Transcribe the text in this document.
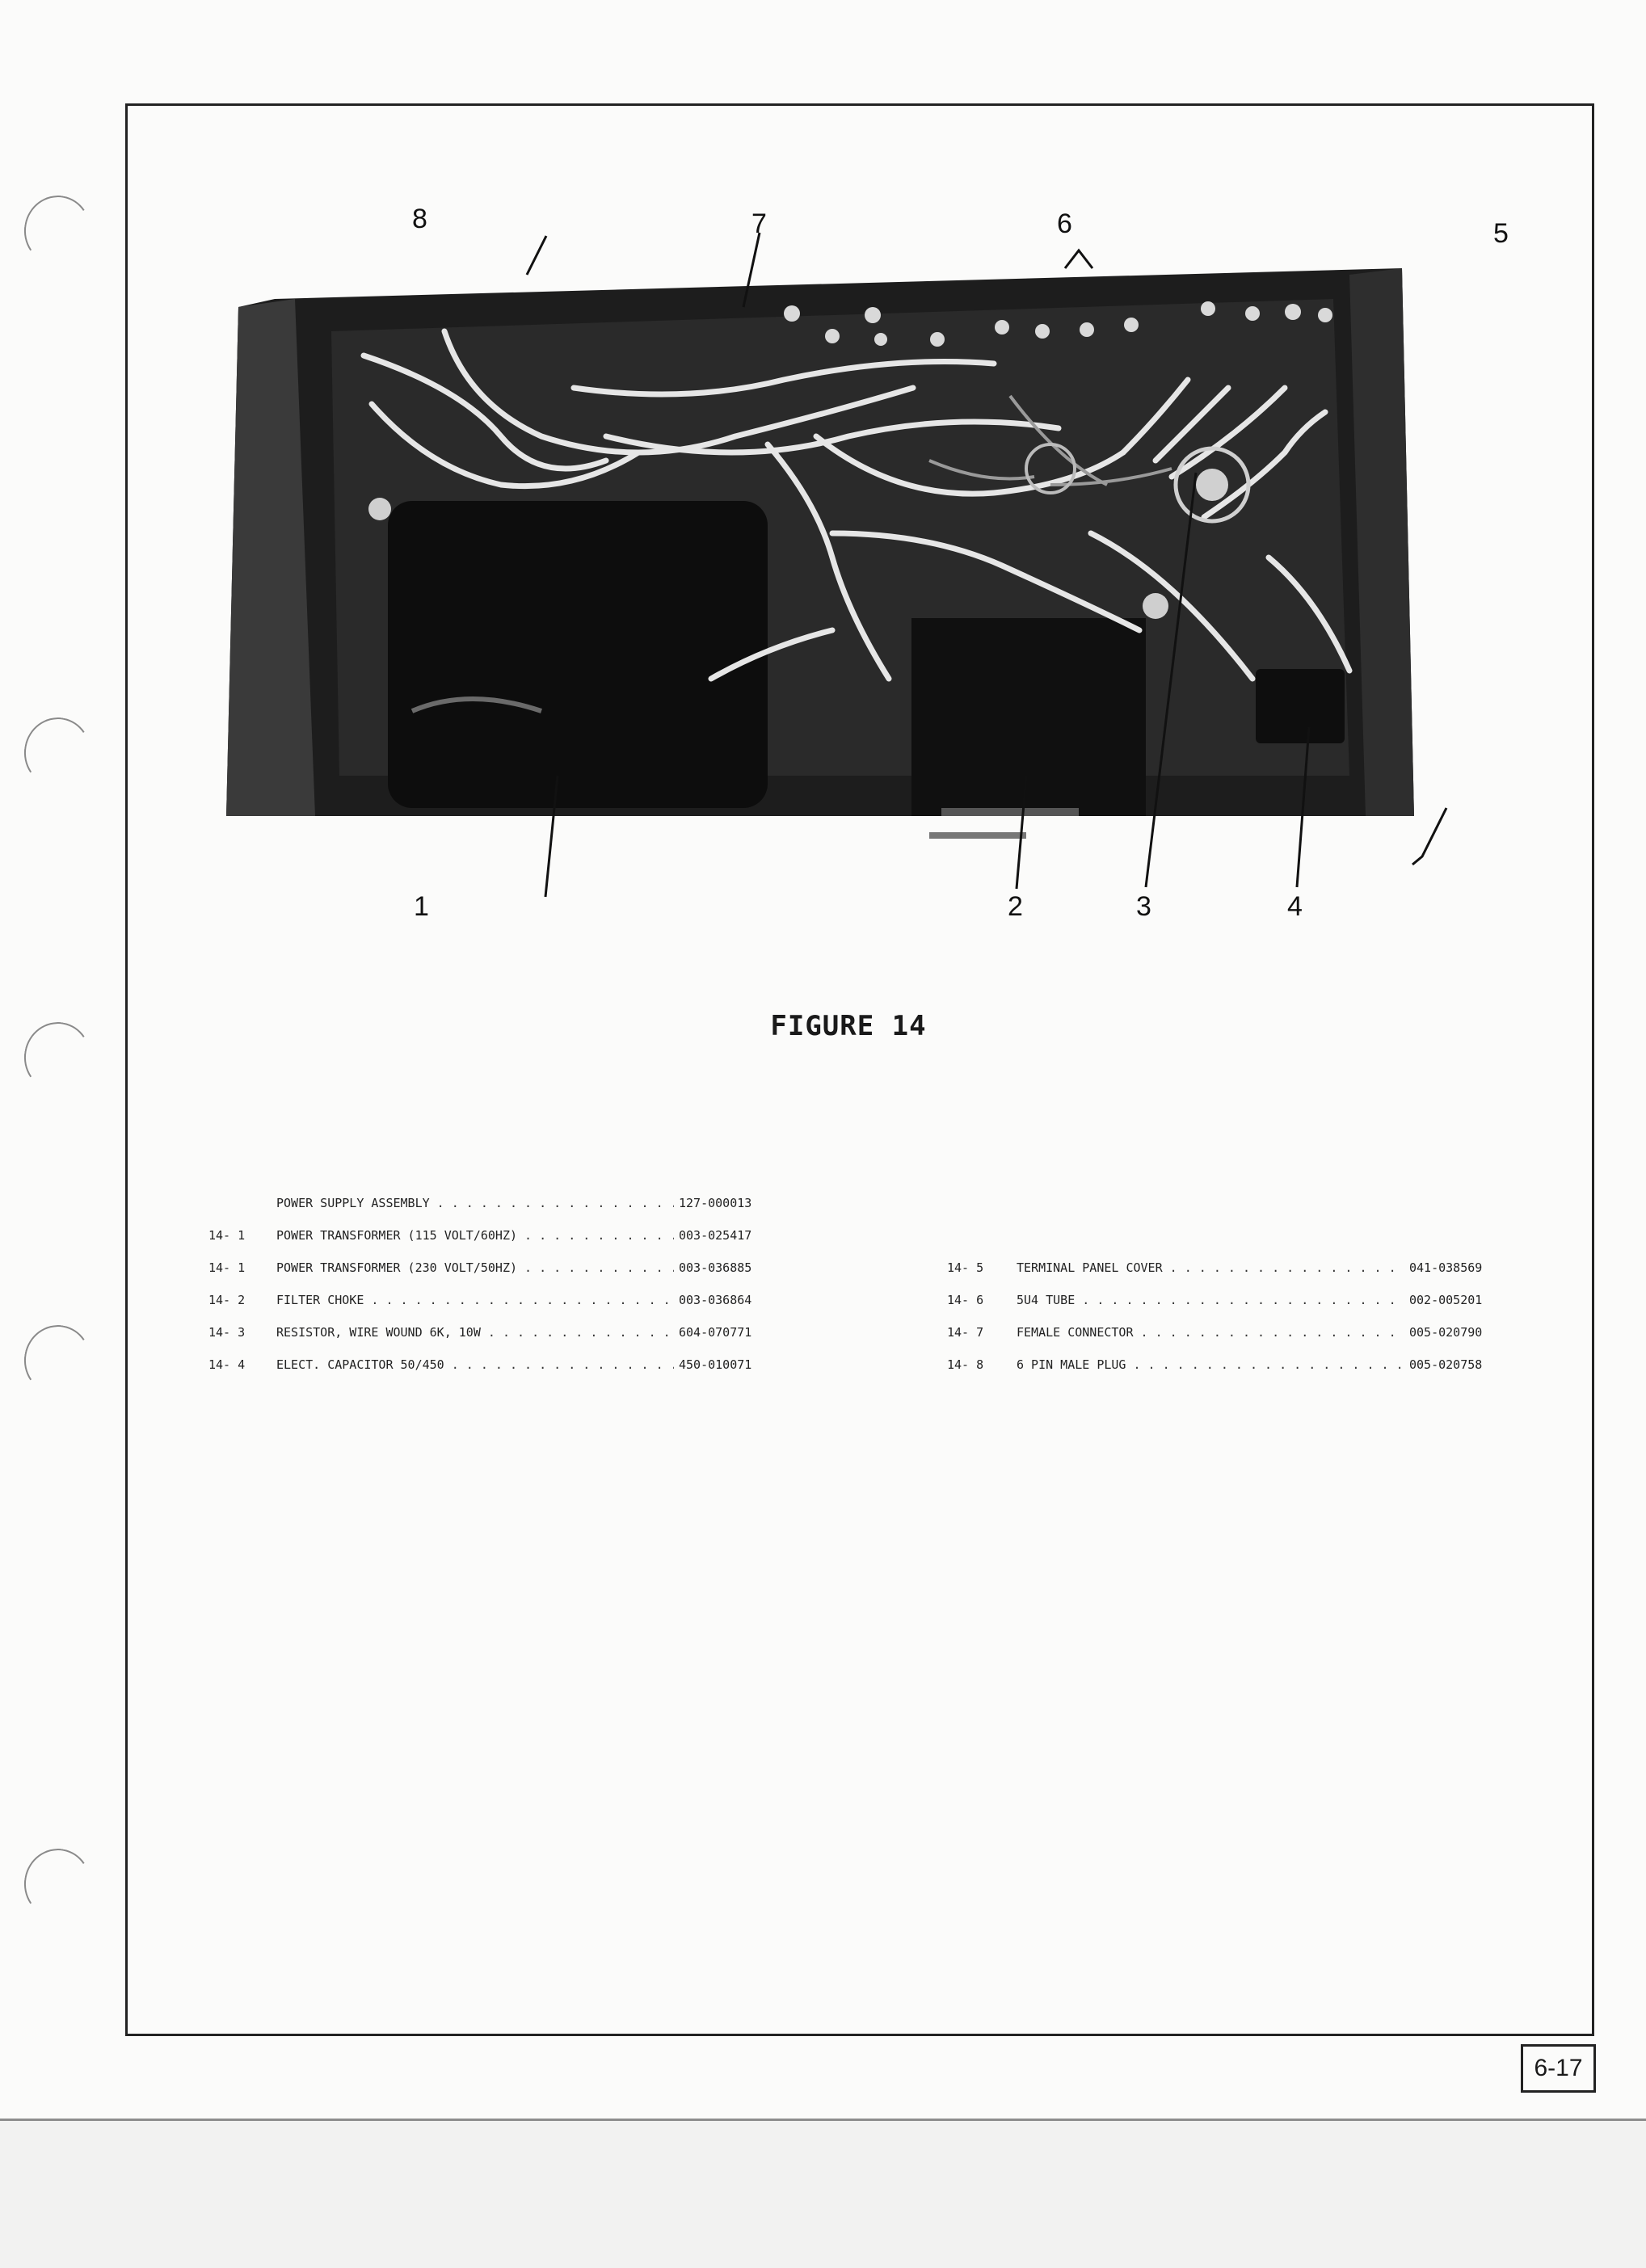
1	2	3	4
5
6
7
8
FIGURE 14
POWER SUPPLY ASSEMBLY . . .	127-000013
14- 1	POWER TRANSFORMER (115 VOLT/60HZ) . . .	003-025417
14- 1	POWER TRANSFORMER (230 VOLT/50HZ) . . .	003-036885
14- 2	FILTER CHOKE . . .	003-036864
14- 3	RESISTOR, WIRE WOUND 6K, 10W . . .	604-070771
14- 4	ELECT. CAPACITOR 50/450 . . .	450-010071
14- 5	TERMINAL PANEL COVER . . .	041-038569
14- 6	5U4 TUBE . . .	002-005201
14- 7	FEMALE CONNECTOR . . .	005-020790
14- 8	6 PIN MALE PLUG . . .	005-020758
6-17
